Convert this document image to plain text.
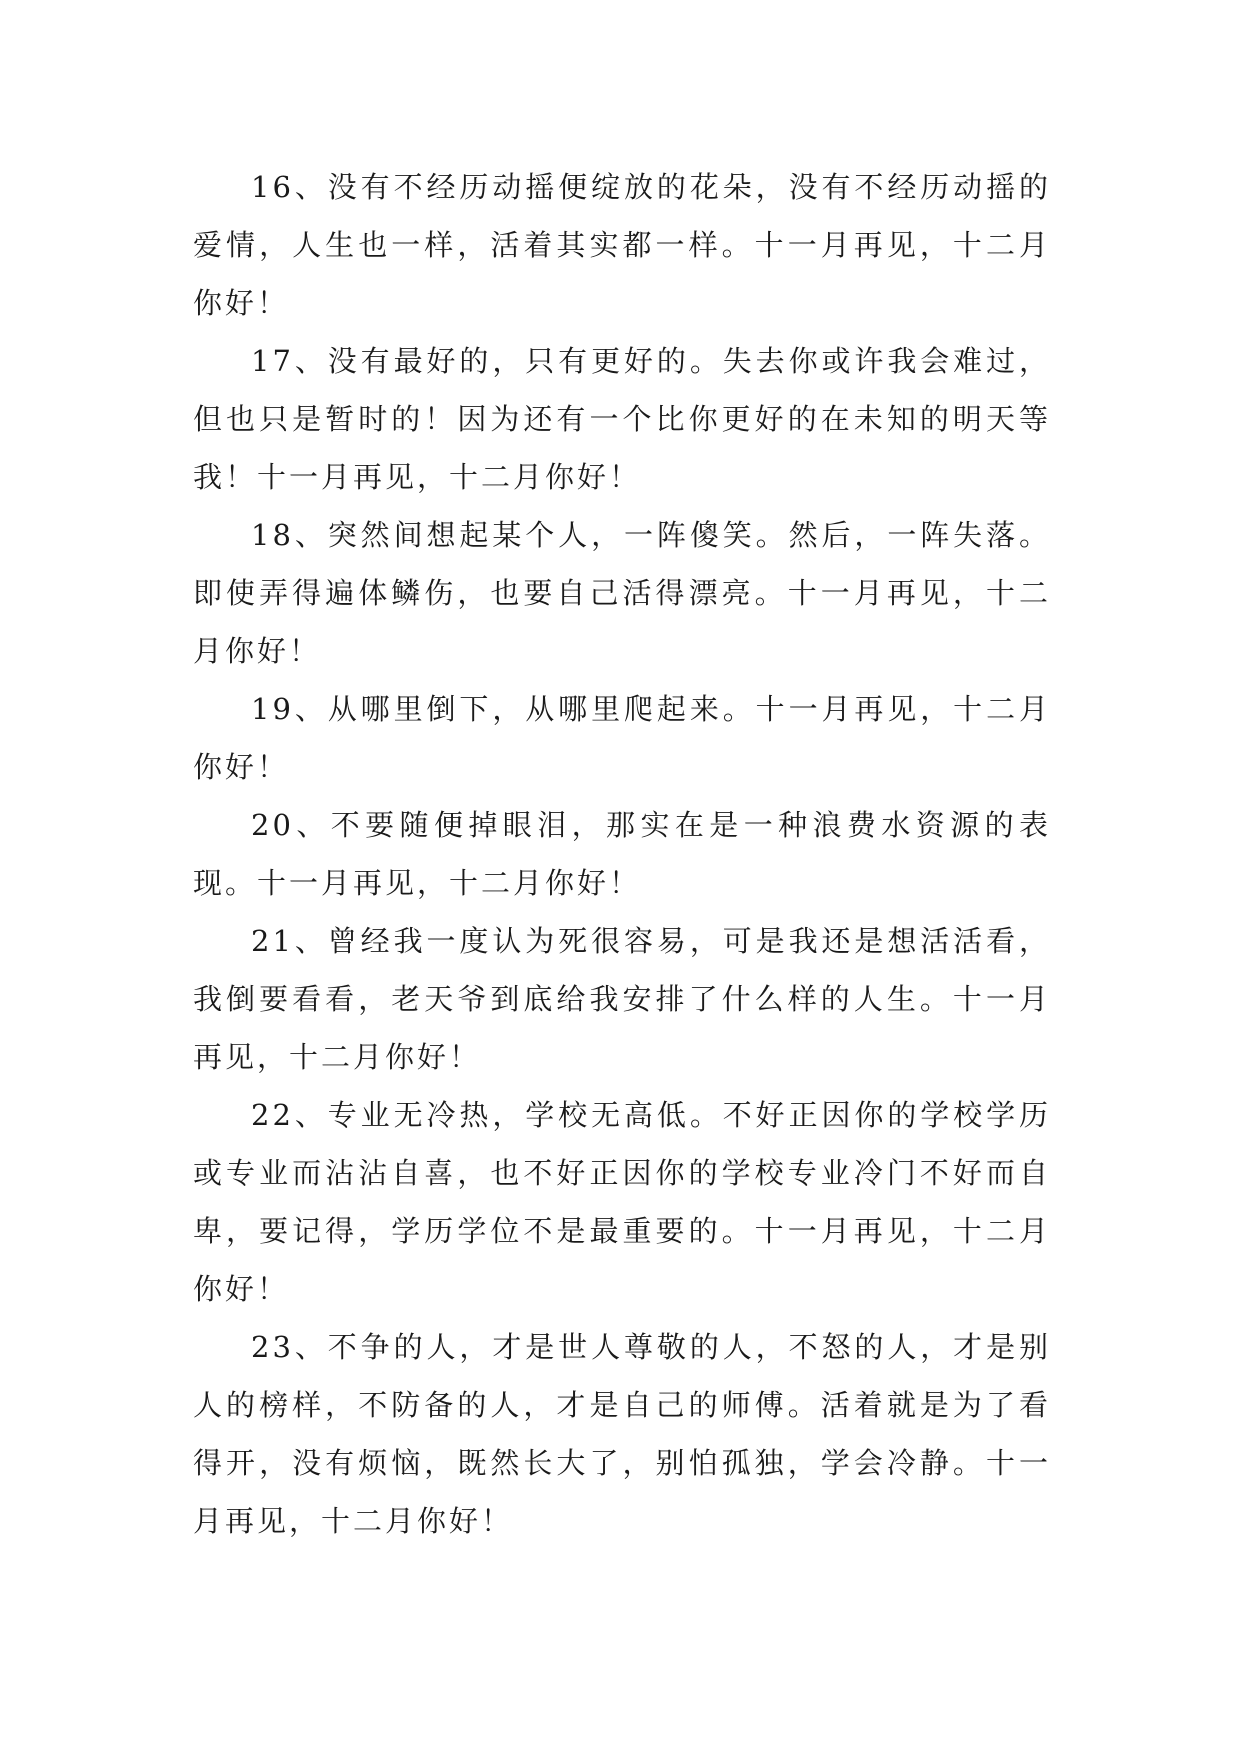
16、没有不经历动摇便绽放的花朵，没有不经历动摇的爱情，人生也一样，活着其实都一样。十一月再见，十二月你好！

17、没有最好的，只有更好的。失去你或许我会难过，但也只是暂时的！因为还有一个比你更好的在未知的明天等我！十一月再见，十二月你好！

18、突然间想起某个人，一阵傻笑。然后，一阵失落。即使弄得遍体鳞伤，也要自己活得漂亮。十一月再见，十二月你好！

19、从哪里倒下，从哪里爬起来。十一月再见，十二月你好！

20、不要随便掉眼泪，那实在是一种浪费水资源的表现。十一月再见，十二月你好！

21、曾经我一度认为死很容易，可是我还是想活活看，我倒要看看，老天爷到底给我安排了什么样的人生。十一月再见，十二月你好！

22、专业无冷热，学校无高低。不好正因你的学校学历或专业而沾沾自喜，也不好正因你的学校专业冷门不好而自卑，要记得，学历学位不是最重要的。十一月再见，十二月你好！

23、不争的人，才是世人尊敬的人，不怒的人，才是别人的榜样，不防备的人，才是自己的师傅。活着就是为了看得开，没有烦恼，既然长大了，别怕孤独，学会冷静。十一月再见，十二月你好！
